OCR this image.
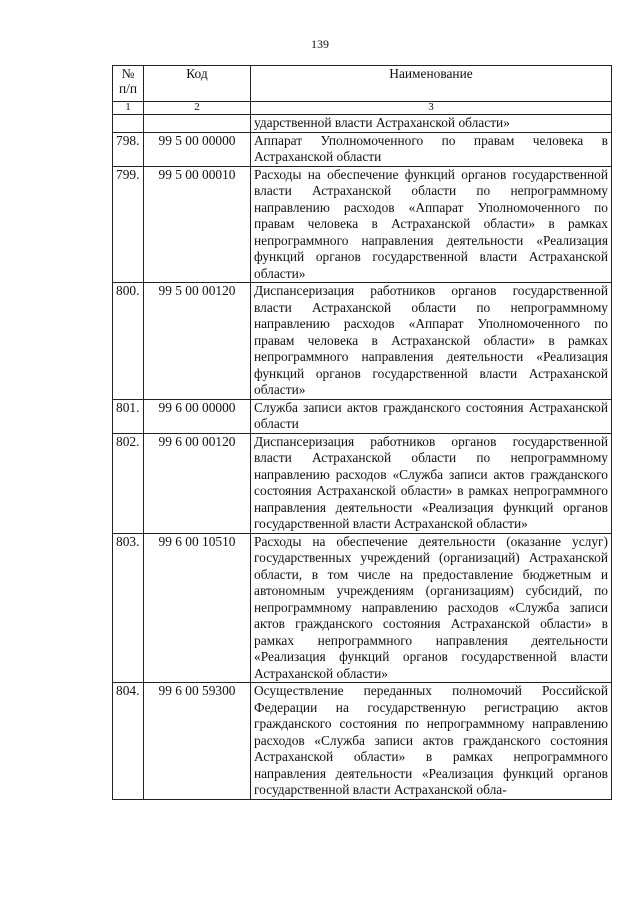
139
№ п/п	Код	Наименование
1	2	3
		ударственной власти Астраханской области»
798.	99 5 00 00000	Аппарат Уполномоченного по правам человека в Астраханской области
799.	99 5 00 00010	Расходы на обеспечение функций органов государственной власти Астраханской области по непрограммному направлению расходов «Аппарат Уполномоченного по правам человека в Астраханской области» в рамках непрограммного направления деятельности «Реализация функций органов государственной власти Астраханской области»
800.	99 5 00 00120	Диспансеризация работников органов государственной власти Астраханской области по непрограммному направлению расходов «Аппарат Уполномоченного по правам человека в Астраханской области» в рамках непрограммного направления деятельности «Реализация функций органов государственной власти Астраханской области»
801.	99 6 00 00000	Служба записи актов гражданского состояния Астраханской области
802.	99 6 00 00120	Диспансеризация работников органов государственной власти Астраханской области по непрограммному направлению расходов «Служба записи актов гражданского состояния Астраханской области» в рамках непрограммного направления деятельности «Реализация функций органов государственной власти Астраханской области»
803.	99 6 00 10510	Расходы на обеспечение деятельности (оказание услуг) государственных учреждений (организаций) Астраханской области, в том числе на предоставление бюджетным и автономным учреждениям (организациям) субсидий, по непрограммному направлению расходов «Служба записи актов гражданского состояния Астраханской области» в рамках непрограммного направления деятельности «Реализация функций органов государственной власти Астраханской области»
804.	99 6 00 59300	Осуществление переданных полномочий Российской Федерации на государственную регистрацию актов гражданского состояния по непрограммному направлению расходов «Служба записи актов гражданского состояния Астраханской области» в рамках непрограммного направления деятельности «Реализация функций органов государственной власти Астраханской обла-
